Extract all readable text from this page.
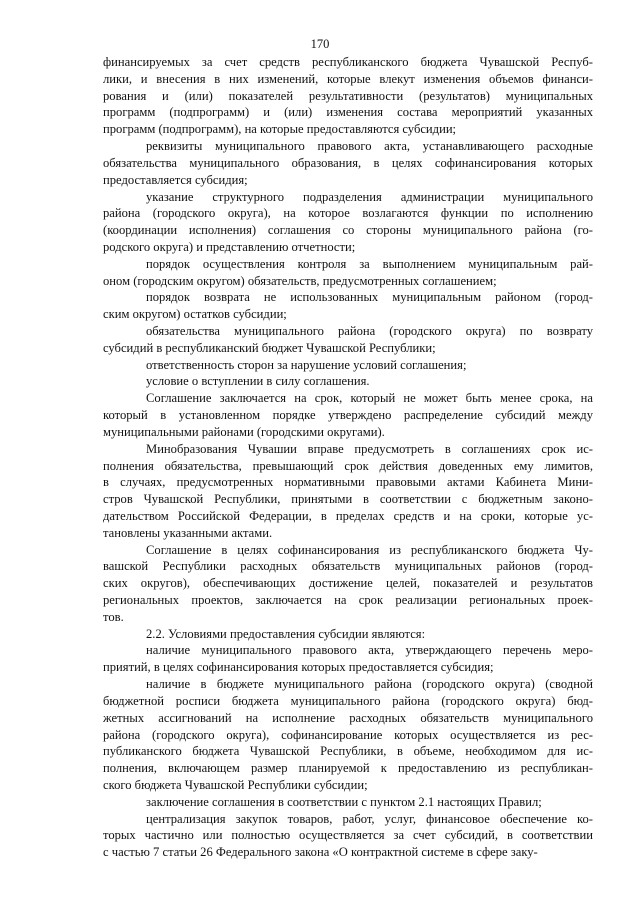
170
финансируемых за счет средств республиканского бюджета Чувашской Респуб-
лики, и внесения в них изменений, которые влекут изменения объемов финанси-
рования и (или) показателей результативности (результатов) муниципальных
программ (подпрограмм) и (или) изменения состава мероприятий указанных
программ (подпрограмм), на которые предоставляются субсидии;
реквизиты муниципального правового акта, устанавливающего расходные
обязательства муниципального образования, в целях софинансирования которых
предоставляется субсидия;
указание структурного подразделения администрации муниципального
района (городского округа), на которое возлагаются функции по исполнению
(координации исполнения) соглашения со стороны муниципального района (го-
родского округа) и представлению отчетности;
порядок осуществления контроля за выполнением муниципальным рай-
оном (городским округом) обязательств, предусмотренных соглашением;
порядок возврата не использованных муниципальным районом (город-
ским округом) остатков субсидии;
обязательства муниципального района (городского округа) по возврату
субсидий в республиканский бюджет Чувашской Республики;
ответственность сторон за нарушение условий соглашения;
условие о вступлении в силу соглашения.
Соглашение заключается на срок, который не может быть менее срока, на
который в установленном порядке утверждено распределение субсидий между
муниципальными районами (городскими округами).
Минобразования Чувашии вправе предусмотреть в соглашениях срок ис-
полнения обязательства, превышающий срок действия доведенных ему лимитов,
в случаях, предусмотренных нормативными правовыми актами Кабинета Мини-
стров Чувашской Республики, принятыми в соответствии с бюджетным законо-
дательством Российской Федерации, в пределах средств и на сроки, которые ус-
тановлены указанными актами.
Соглашение в целях софинансирования из республиканского бюджета Чу-
вашской Республики расходных обязательств муниципальных районов (город-
ских округов), обеспечивающих достижение целей, показателей и результатов
региональных проектов, заключается на срок реализации региональных проек-
тов.
2.2. Условиями предоставления субсидии являются:
наличие муниципального правового акта, утверждающего перечень меро-
приятий, в целях софинансирования которых предоставляется субсидия;
наличие в бюджете муниципального района (городского округа) (сводной
бюджетной росписи бюджета муниципального района (городского округа) бюд-
жетных ассигнований на исполнение расходных обязательств муниципального
района (городского округа), софинансирование которых осуществляется из рес-
публиканского бюджета Чувашской Республики, в объеме, необходимом для ис-
полнения, включающем размер планируемой к предоставлению из республикан-
ского бюджета Чувашской Республики субсидии;
заключение соглашения в соответствии с пунктом 2.1 настоящих Правил;
централизация закупок товаров, работ, услуг, финансовое обеспечение ко-
торых частично или полностью осуществляется за счет субсидий, в соответствии
с частью 7 статьи 26 Федерального закона «О контрактной системе в сфере заку-
